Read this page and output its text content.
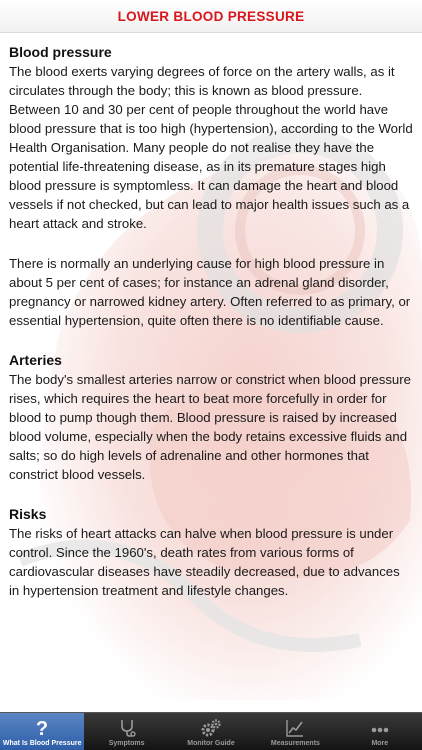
LOWER BLOOD PRESSURE
Blood pressure

The blood exerts varying degrees of force on the artery walls, as it circulates through the body; this is known as blood pressure. Between 10 and 30 per cent of people throughout the world have blood pressure that is too high (hypertension), according to the World Health Organisation. Many people do not realise they have the potential life-threatening disease, as in its premature stages high blood pressure is symptomless. It can damage the heart and blood vessels if not checked, but can lead to major health issues such as a heart attack and stroke.

There is normally an underlying cause for high blood pressure in about 5 per cent of cases; for instance an adrenal gland disorder, pregnancy or narrowed kidney artery. Often referred to as primary, or essential hypertension, quite often there is no identifiable cause.

Arteries

The body's smallest arteries narrow or constrict when blood pressure rises, which requires the heart to beat more forcefully in order for blood to pump though them. Blood pressure is raised by increased blood volume, especially when the body retains excessive fluids and salts; so do high levels of adrenaline and other hormones that constrict blood vessels.

Risks

The risks of heart attacks can halve when blood pressure is under control. Since the 1960's, death rates from various forms of cardiovascular diseases have steadily decreased, due to advances in hypertension treatment and lifestyle changes.

?
What Is Blood Pressure	Symptoms	Monitor Guide	Measurements	More
